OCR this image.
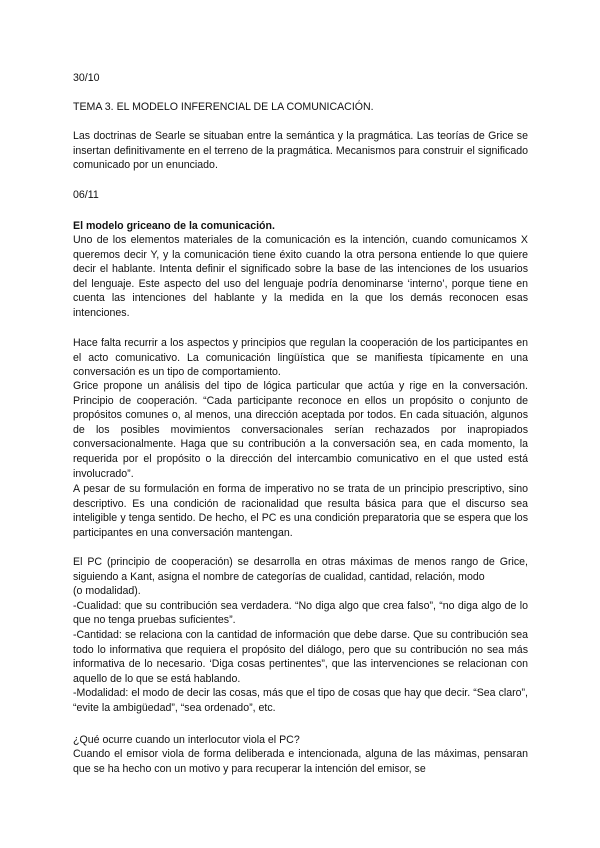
30/10

TEMA 3. EL MODELO INFERENCIAL DE LA COMUNICACIÓN.

Las doctrinas de Searle se situaban entre la semántica y la pragmática. Las teorías de Grice se insertan definitivamente en el terreno de la pragmática. Mecanismos para construir el significado comunicado por un enunciado.

06/11

El modelo griceano de la comunicación.

Uno de los elementos materiales de la comunicación es la intención, cuando comunicamos X queremos decir Y, y la comunicación tiene éxito cuando la otra persona entiende lo que quiere decir el hablante. Intenta definir el significado sobre la base de las intenciones de los usuarios del lenguaje. Este aspecto del uso del lenguaje podría denominarse ‘interno’, porque tiene en cuenta las intenciones del hablante y la medida en la que los demás reconocen esas intenciones.

Hace falta recurrir a los aspectos y principios que regulan la cooperación de los participantes en el acto comunicativo. La comunicación lingüística que se manifiesta típicamente en una conversación es un tipo de comportamiento.

Grice propone un análisis del tipo de lógica particular que actúa y rige en la conversación. Principio de cooperación. “Cada participante reconoce en ellos un propósito o conjunto de propósitos comunes o, al menos, una dirección aceptada por todos. En cada situación, algunos de los posibles movimientos conversacionales serían rechazados por inapropiados conversacionalmente. Haga que su contribución a la conversación sea, en cada momento, la requerida por el propósito o la dirección del intercambio comunicativo en el que usted está involucrado”.

A pesar de su formulación en forma de imperativo no se trata de un principio prescriptivo, sino descriptivo. Es una condición de racionalidad que resulta básica para que el discurso sea inteligible y tenga sentido. De hecho, el PC es una condición preparatoria que se espera que los participantes en una conversación mantengan.

El PC (principio de cooperación) se desarrolla en otras máximas de menos rango de Grice, siguiendo a Kant, asigna el nombre de categorías de cualidad, cantidad, relación, modo

(o modalidad).

-Cualidad: que su contribución sea verdadera. “No diga algo que crea falso”, “no diga algo de lo que no tenga pruebas suficientes”.

-Cantidad: se relaciona con la cantidad de información que debe darse. Que su contribución sea todo lo informativa que requiera el propósito del diálogo, pero que su contribución no sea más informativa de lo necesario. ‘Diga cosas pertinentes”, que las intervenciones se relacionan con aquello de lo que se está hablando.

-Modalidad: el modo de decir las cosas, más que el tipo de cosas que hay que decir. “Sea claro”, “evite la ambigüedad”, “sea ordenado”, etc.

¿Qué ocurre cuando un interlocutor viola el PC?

Cuando el emisor viola de forma deliberada e intencionada, alguna de las máximas, pensaran que se ha hecho con un motivo y para recuperar la intención del emisor, se
